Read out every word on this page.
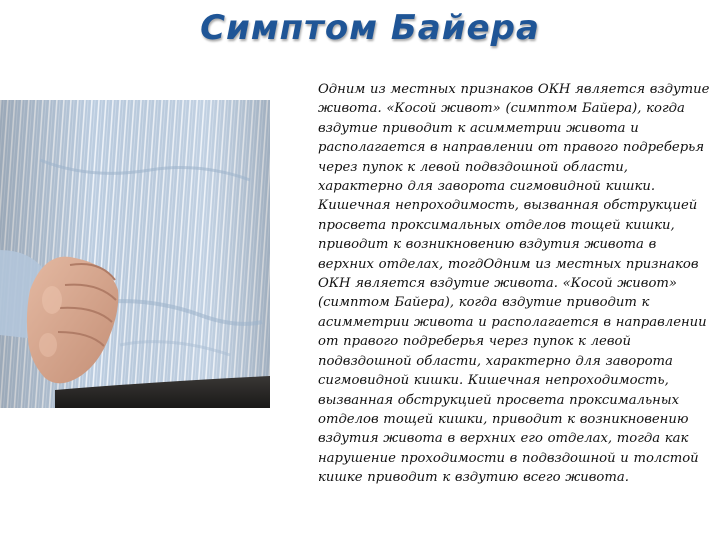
Симптом Байера
Одним из местных признаков ОКН является вздутие живота. «Косой живот» (симптом Байера), когда вздутие приводит к асимметрии живота и располагается в направлении от правого подреберья через пупок к левой подвздошной области, характерно для заворота сигмовидной кишки. Кишечная непроходимость, вызванная обструкцией просвета проксимальных отделов тощей кишки, приводит к возникновению вздутия живота в верхних отделах, тогдОдним из местных признаков ОКН является вздутие живота. «Косой живот» (симптом Байера), когда вздутие приводит к асимметрии живота и располагается в направлении от правого подреберья через пупок к левой подвздошной области, характерно для заворота сигмовидной кишки. Кишечная непроходимость, вызванная обструкцией просвета проксимальных отделов тощей кишки, приводит к возникновению вздутия живота в верхних его отделах, тогда как нарушение проходимости в подвздошной и толстой кишке приводит к вздутию всего живота.
